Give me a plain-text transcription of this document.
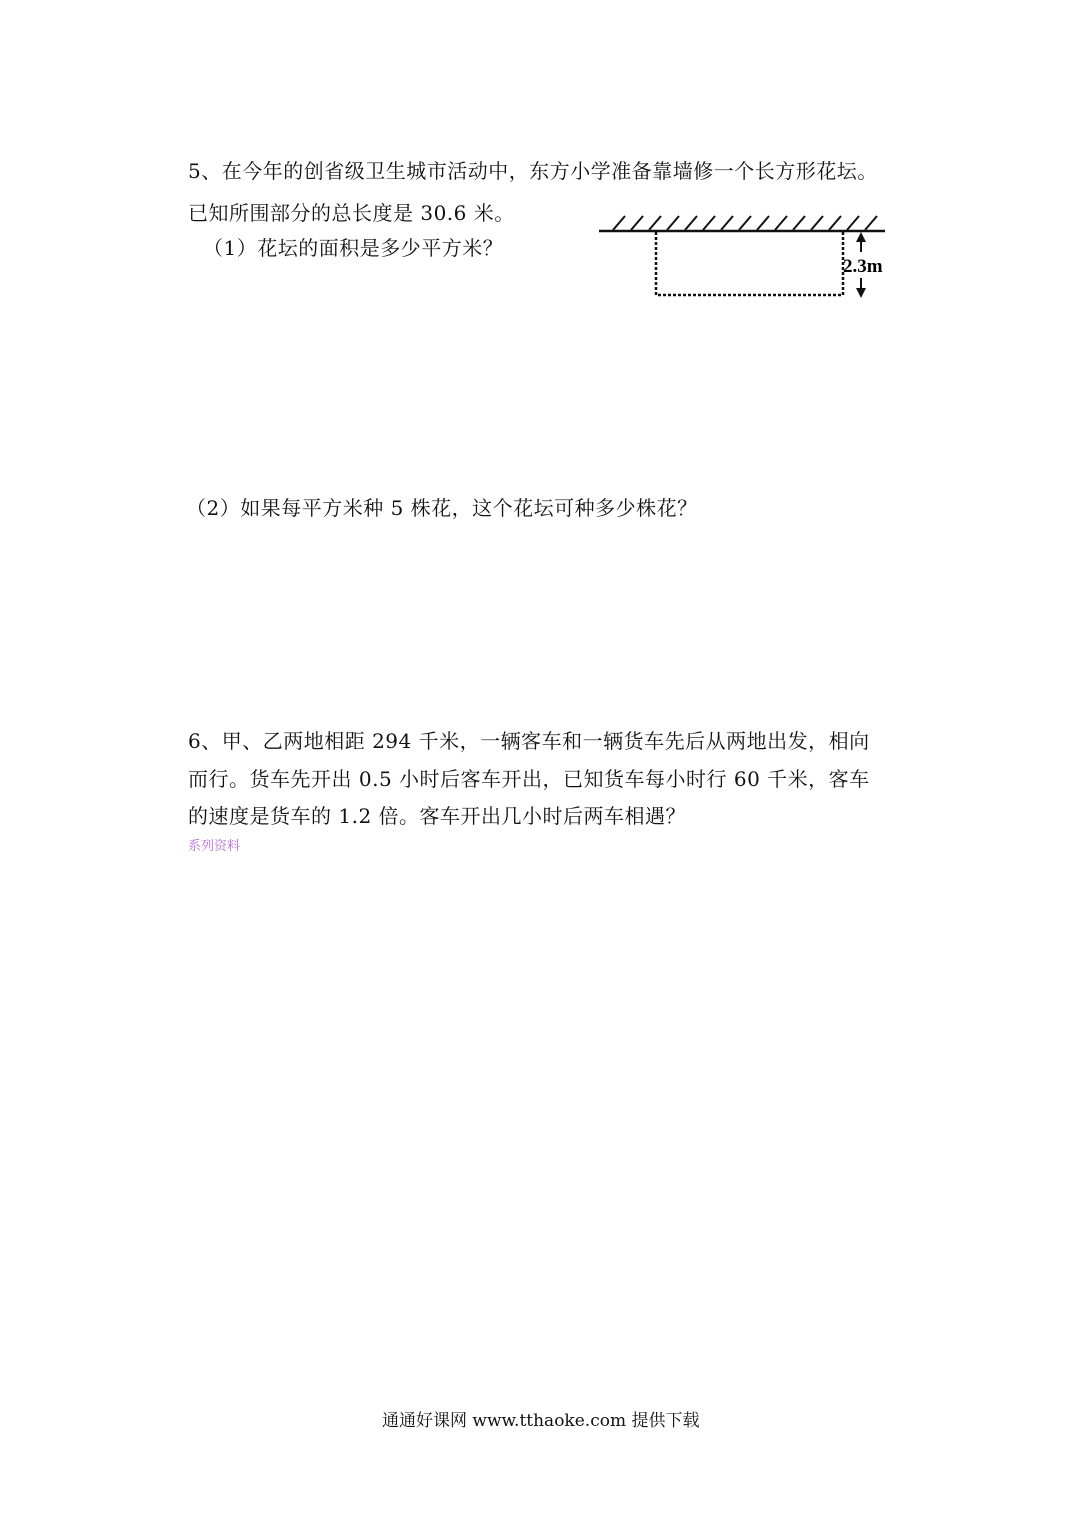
5、在今年的创省级卫生城市活动中，东方小学准备靠墙修一个长方形花坛。
已知所围部分的总长度是 30.6 米。
（1）花坛的面积是多少平方米？
2.3m
（2）如果每平方米种 5 株花，这个花坛可种多少株花？
6、甲、乙两地相距 294 千米，一辆客车和一辆货车先后从两地出发，相向
而行。货车先开出 0.5 小时后客车开出，已知货车每小时行 60 千米，客车
的速度是货车的 1.2 倍。客车开出几小时后两车相遇？
系列资料
通通好课网 www.tthaoke.com 提供下载
